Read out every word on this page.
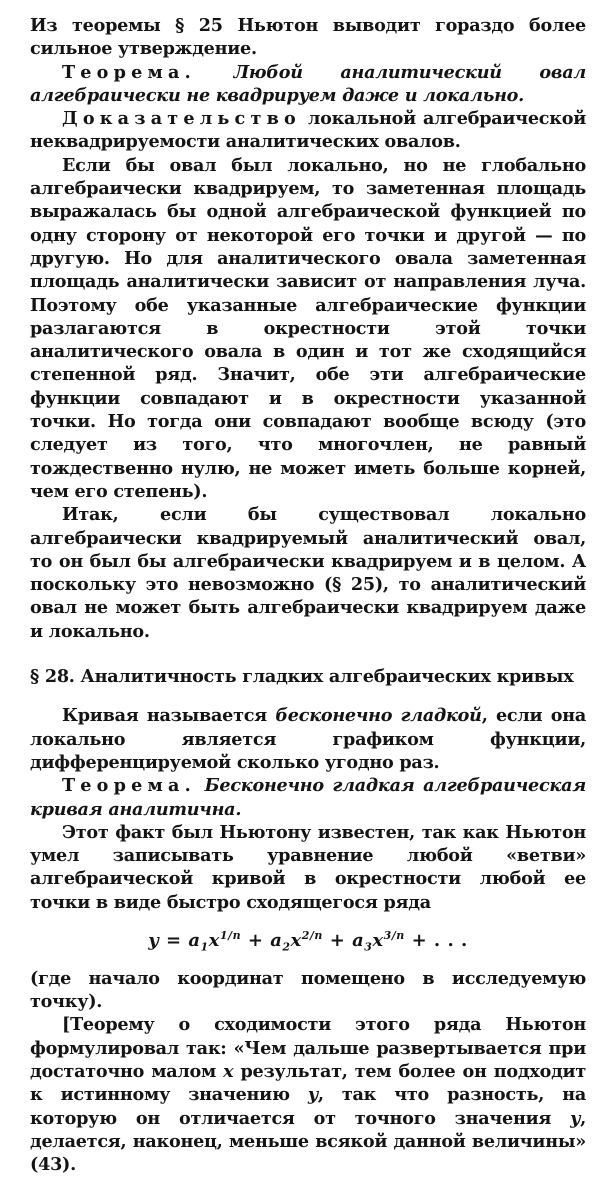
Из теоремы § 25 Ньютон выводит гораздо более сильное утверждение.

Теорема. Любой аналитический овал алгебраически не квадрируем даже и локально.

Доказательство локальной алгебраической неквадрируемости аналитических овалов.

Если бы овал был локально, но не глобально алгебраически квадрируем, то заметенная площадь выражалась бы одной алгебраической функцией по одну сторону от некоторой его точки и другой — по другую. Но для аналитического овала заметенная площадь аналитически зависит от направления луча. Поэтому обе указанные алгебраические функции разлагаются в окрестности этой точки аналитического овала в один и тот же сходящийся степенной ряд. Значит, обе эти алгебраические функции совпадают и в окрестности указанной точки. Но тогда они совпадают вообще всюду (это следует из того, что многочлен, не равный тождественно нулю, не может иметь больше корней, чем его степень).

Итак, если бы существовал локально алгебраически квадрируемый аналитический овал, то он был бы алгебраически квадрируем и в целом. А поскольку это невозможно (§ 25), то аналитический овал не может быть алгебраически квадрируем даже и локально.

§ 28. Аналитичность гладких алгебраических кривых

Кривая называется бесконечно гладкой, если она локально является графиком функции, дифференцируемой сколько угодно раз.

Теорема. Бесконечно гладкая алгебраическая кривая аналитична.

Этот факт был Ньютону известен, так как Ньютон умел записывать уравнение любой «ветви» алгебраической кривой в окрестности любой ее точки в виде быстро сходящегося ряда

$y = a_1x^{1/n} + a_2x^{2/n} + a_3x^{3/n}$ + . . .

(где начало координат помещено в исследуемую точку).

[Теорему о сходимости этого ряда Ньютон формулировал так: «Чем дальше развертывается при достаточно малом x результат, тем более он подходит к истинному значению y, так что разность, на которую он отличается от точного значения y, делается, наконец, меньше всякой данной величины» (43).
